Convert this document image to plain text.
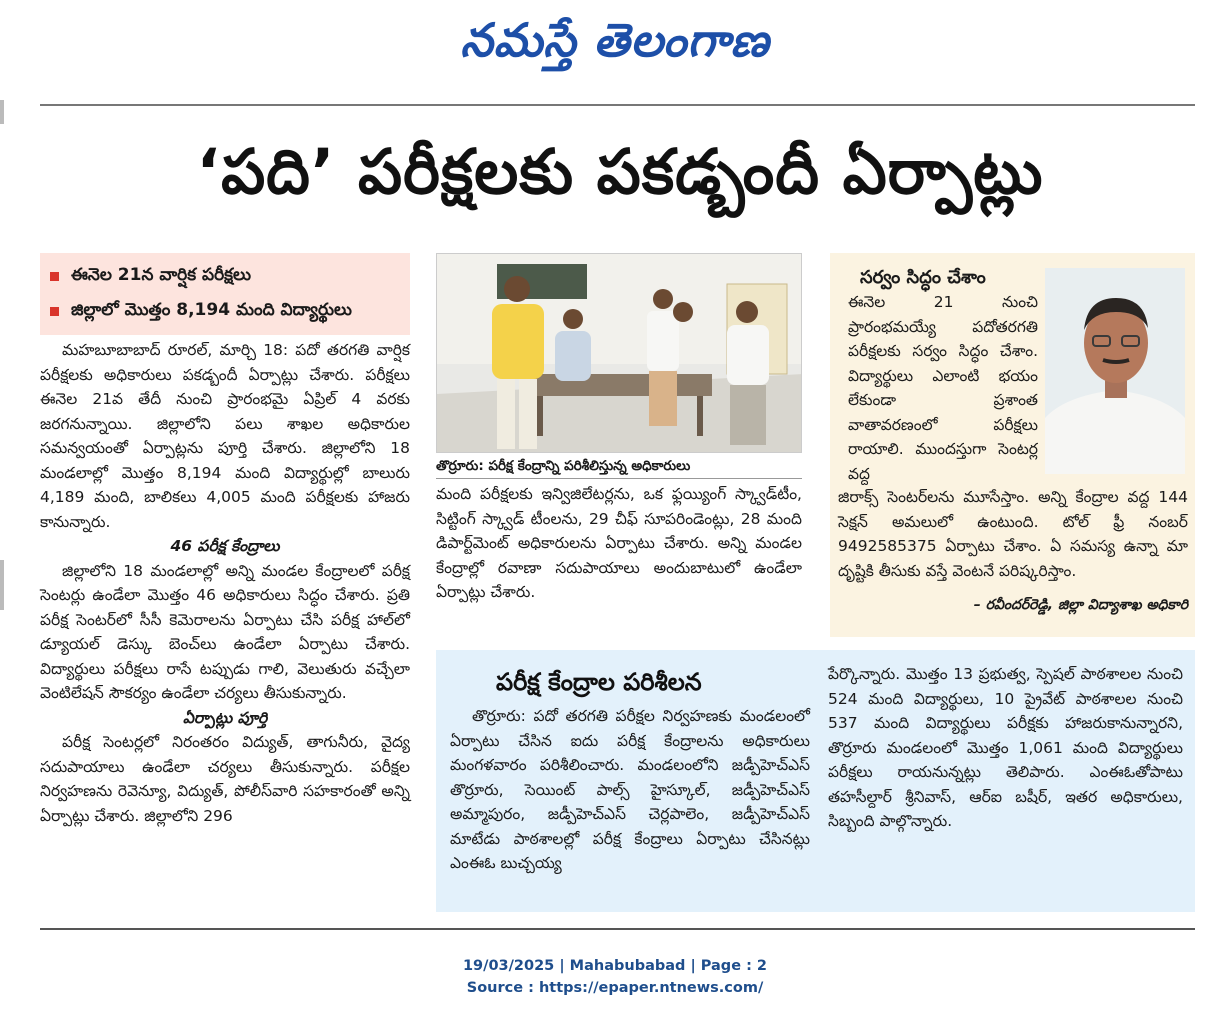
నమస్తే తెలంగాణ
‘పది’ పరీక్షలకు పకడ్బందీ ఏర్పాట్లు
ఈనెల 21న వార్షిక పరీక్షలు
జిల్లాలో మొత్తం 8,194 మంది విద్యార్థులు

మహబూబాబాద్ రూరల్, మార్చి 18: పదో తరగతి వార్షిక పరీక్షలకు అధికారులు పకడ్బందీ ఏర్పాట్లు చేశారు. పరీక్షలు ఈనెల 21వ తేదీ నుంచి ప్రారంభమై ఏప్రిల్ 4 వరకు జరగనున్నాయి. జిల్లాలోని పలు శాఖల అధికారుల సమన్వయంతో ఏర్పాట్లను పూర్తి చేశారు. జిల్లాలోని 18 మండలాల్లో మొత్తం 8,194 మంది విద్యార్థుల్లో బాలురు 4,189 మంది, బాలికలు 4,005 మంది పరీక్షలకు హాజరు కానున్నారు.

46 పరీక్ష కేంద్రాలు

జిల్లాలోని 18 మండలాల్లో అన్ని మండల కేంద్రాలలో పరీక్ష సెంటర్లు ఉండేలా మొత్తం 46 అధికారులు సిద్ధం చేశారు. ప్రతి పరీక్ష సెంటర్‌లో సీసీ కెమెరాలను ఏర్పాటు చేసి పరీక్ష హాల్‌లో డ్యూయల్ డెస్కు బెంచ్‌లు ఉండేలా ఏర్పాటు చేశారు. విద్యార్థులు పరీక్షలు రాసే టప్పుడు గాలి, వెలుతురు వచ్చేలా వెంటిలేషన్ సౌకర్యం ఉండేలా చర్యలు తీసుకున్నారు.

ఏర్పాట్లు పూర్తి

పరీక్ష సెంటర్లలో నిరంతరం విద్యుత్, తాగునీరు, వైద్య సదుపాయాలు ఉండేలా చర్యలు తీసుకున్నారు. పరీక్షల నిర్వహణను రెవెన్యూ, విద్యుత్, పోలీస్‌వారి సహకారంతో అన్ని ఏర్పాట్లు చేశారు. జిల్లాలోని 296

తొర్రూరు: పరీక్ష కేంద్రాన్ని పరిశీలిస్తున్న అధికారులు

మంది పరీక్షలకు ఇన్విజిలేటర్లను, ఒక ఫ్లయ్యింగ్ స్క్వాడ్‌టీం, సిట్టింగ్ స్క్వాడ్ టీంలను, 29 చీఫ్ సూపరిండెంట్లు, 28 మంది డిపార్ట్‌మెంట్ అధికారులను ఏర్పాటు చేశారు. అన్ని మండల కేంద్రాల్లో రవాణా సదుపాయాలు అందుబాటులో ఉండేలా ఏర్పాట్లు చేశారు.

సర్వం సిద్ధం చేశాం
ఈనెల 21 నుంచి ప్రారంభమయ్యే పదోతరగతి పరీక్షలకు సర్వం సిద్ధం చేశాం. విద్యార్థులు ఎలాంటి భయం లేకుండా ప్రశాంత వాతావరణంలో పరీక్షలు రాయాలి. ముందస్తుగా సెంటర్ల వద్ద
జిరాక్స్ సెంటర్‌లను మూసేస్తాం. అన్ని కేంద్రాల వద్ద 144 సెక్షన్ అమలులో ఉంటుంది. టోల్ ఫ్రీ నంబర్ 9492585375 ఏర్పాటు చేశాం. ఏ సమస్య ఉన్నా మా దృష్టికి తీసుకు వస్తే వెంటనే పరిష్కరిస్తాం.
– రవీందర్‌రెడ్డి, జిల్లా విద్యాశాఖ అధికారి
పరీక్ష కేంద్రాల పరిశీలన

తొర్రూరు: పదో తరగతి పరీక్షల నిర్వహణకు మండలంలో ఏర్పాటు చేసిన ఐదు పరీక్ష కేంద్రాలను అధికారులు మంగళవారం పరిశీలించారు. మండలంలోని జడ్పీహెచ్‌ఎస్ తొర్రూరు, సెయింట్ పాల్స్ హైస్కూల్, జడ్పీహెచ్‌ఎస్ అమ్మాపురం, జడ్పీహెచ్‌ఎస్ చెర్లపాలెం, జడ్పీహెచ్‌ఎస్ మాటేడు పాఠశాలల్లో పరీక్ష కేంద్రాలు ఏర్పాటు చేసినట్లు ఎంఈఓ బుచ్చయ్య

పేర్కొన్నారు. మొత్తం 13 ప్రభుత్వ, స్పెషల్ పాఠశాలల నుంచి 524 మంది విద్యార్థులు, 10 ప్రైవేట్ పాఠశాలల నుంచి 537 మంది విద్యార్థులు పరీక్షకు హాజరుకానున్నారని, తొర్రూరు మండలంలో మొత్తం 1,061 మంది విద్యార్థులు పరీక్షలు రాయనున్నట్లు తెలిపారు. ఎంఈఓతోపాటు తహసీల్దార్ శ్రీనివాస్, ఆర్ఐ బషీర్, ఇతర అధికారులు, సిబ్బంది పాల్గొన్నారు.

19/03/2025 | Mahabubabad | Page : 2
Source : https://epaper.ntnews.com/
